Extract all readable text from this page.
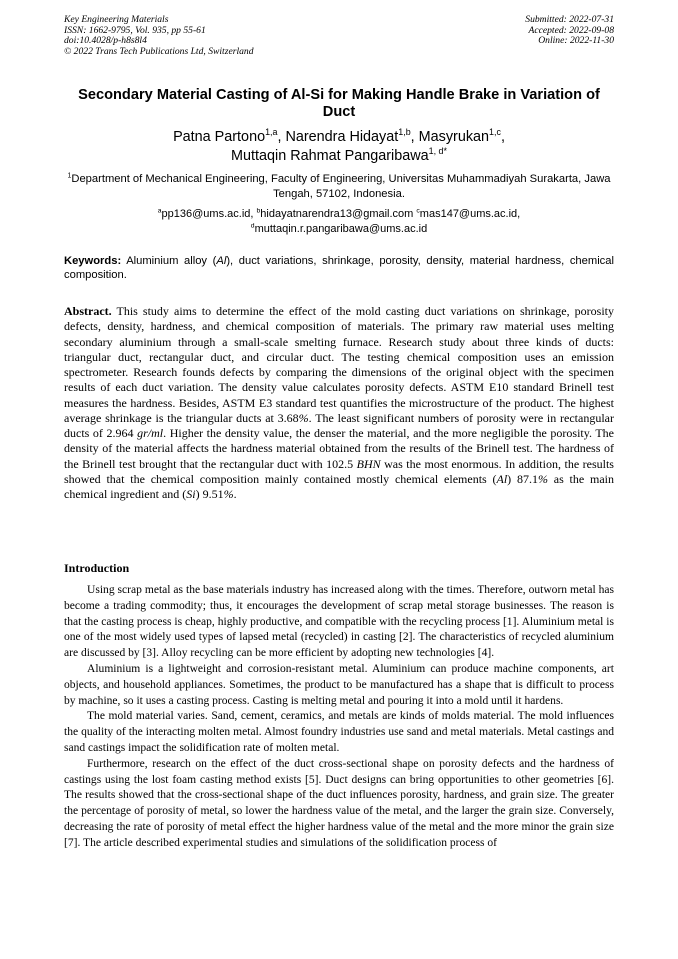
Key Engineering Materials
ISSN: 1662-9795, Vol. 935, pp 55-61
doi:10.4028/p-h8s8l4
© 2022 Trans Tech Publications Ltd, Switzerland
Submitted: 2022-07-31
Accepted: 2022-09-08
Online: 2022-11-30
Secondary Material Casting of Al-Si for Making Handle Brake in Variation of Duct
Patna Partono$^{1,a}$, Narendra Hidayat$^{1,b}$, Masyrukan$^{1,c}$,
Muttaqin Rahmat Pangaribawa$^{1, d*}$
$^1$Department of Mechanical Engineering, Faculty of Engineering, Universitas Muhammadiyah Surakarta, Jawa Tengah, 57102, Indonesia.
$^a$pp136@ums.ac.id, $^b$hidayatnarendra13@gmail.com $^c$mas147@ums.ac.id,
$^d$muttaqin.r.pangaribawa@ums.ac.id
Keywords: Aluminium alloy (Al), duct variations, shrinkage, porosity, density, material hardness, chemical composition.
Abstract. This study aims to determine the effect of the mold casting duct variations on shrinkage, porosity defects, density, hardness, and chemical composition of materials. The primary raw material uses melting secondary aluminium through a small-scale smelting furnace. Research study about three kinds of ducts: triangular duct, rectangular duct, and circular duct. The testing chemical composition uses an emission spectrometer. Research founds defects by comparing the dimensions of the original object with the specimen results of each duct variation. The density value calculates porosity defects. ASTM E10 standard Brinell test measures the hardness. Besides, ASTM E3 standard test quantifies the microstructure of the product. The highest average shrinkage is the triangular ducts at 3.68%. The least significant numbers of porosity were in rectangular ducts of 2.964 gr/ml. Higher the density value, the denser the material, and the more negligible the porosity. The density of the material affects the hardness material obtained from the results of the Brinell test. The hardness of the Brinell test brought that the rectangular duct with 102.5 BHN was the most enormous. In addition, the results showed that the chemical composition mainly contained mostly chemical elements (Al) 87.1% as the main chemical ingredient and (Si) 9.51%.
Introduction

Using scrap metal as the base materials industry has increased along with the times. Therefore, outworn metal has become a trading commodity; thus, it encourages the development of scrap metal storage businesses. The reason is that the casting process is cheap, highly productive, and compatible with the recycling process [1]. Aluminium metal is one of the most widely used types of lapsed metal (recycled) in casting [2]. The characteristics of recycled aluminium are discussed by [3]. Alloy recycling can be more efficient by adopting new technologies [4].

Aluminium is a lightweight and corrosion-resistant metal. Aluminium can produce machine components, art objects, and household appliances. Sometimes, the product to be manufactured has a shape that is difficult to process by machine, so it uses a casting process. Casting is melting metal and pouring it into a mold until it hardens.

The mold material varies. Sand, cement, ceramics, and metals are kinds of molds material. The mold influences the quality of the interacting molten metal. Almost foundry industries use sand and metal materials. Metal castings and sand castings impact the solidification rate of molten metal.

Furthermore, research on the effect of the duct cross-sectional shape on porosity defects and the hardness of castings using the lost foam casting method exists [5]. Duct designs can bring opportunities to other geometries [6]. The results showed that the cross-sectional shape of the duct influences porosity, hardness, and grain size. The greater the percentage of porosity of metal, so lower the hardness value of the metal, and the larger the grain size. Conversely, decreasing the rate of porosity of metal effect the higher hardness value of the metal and the more minor the grain size [7]. The article described experimental studies and simulations of the solidification process of
